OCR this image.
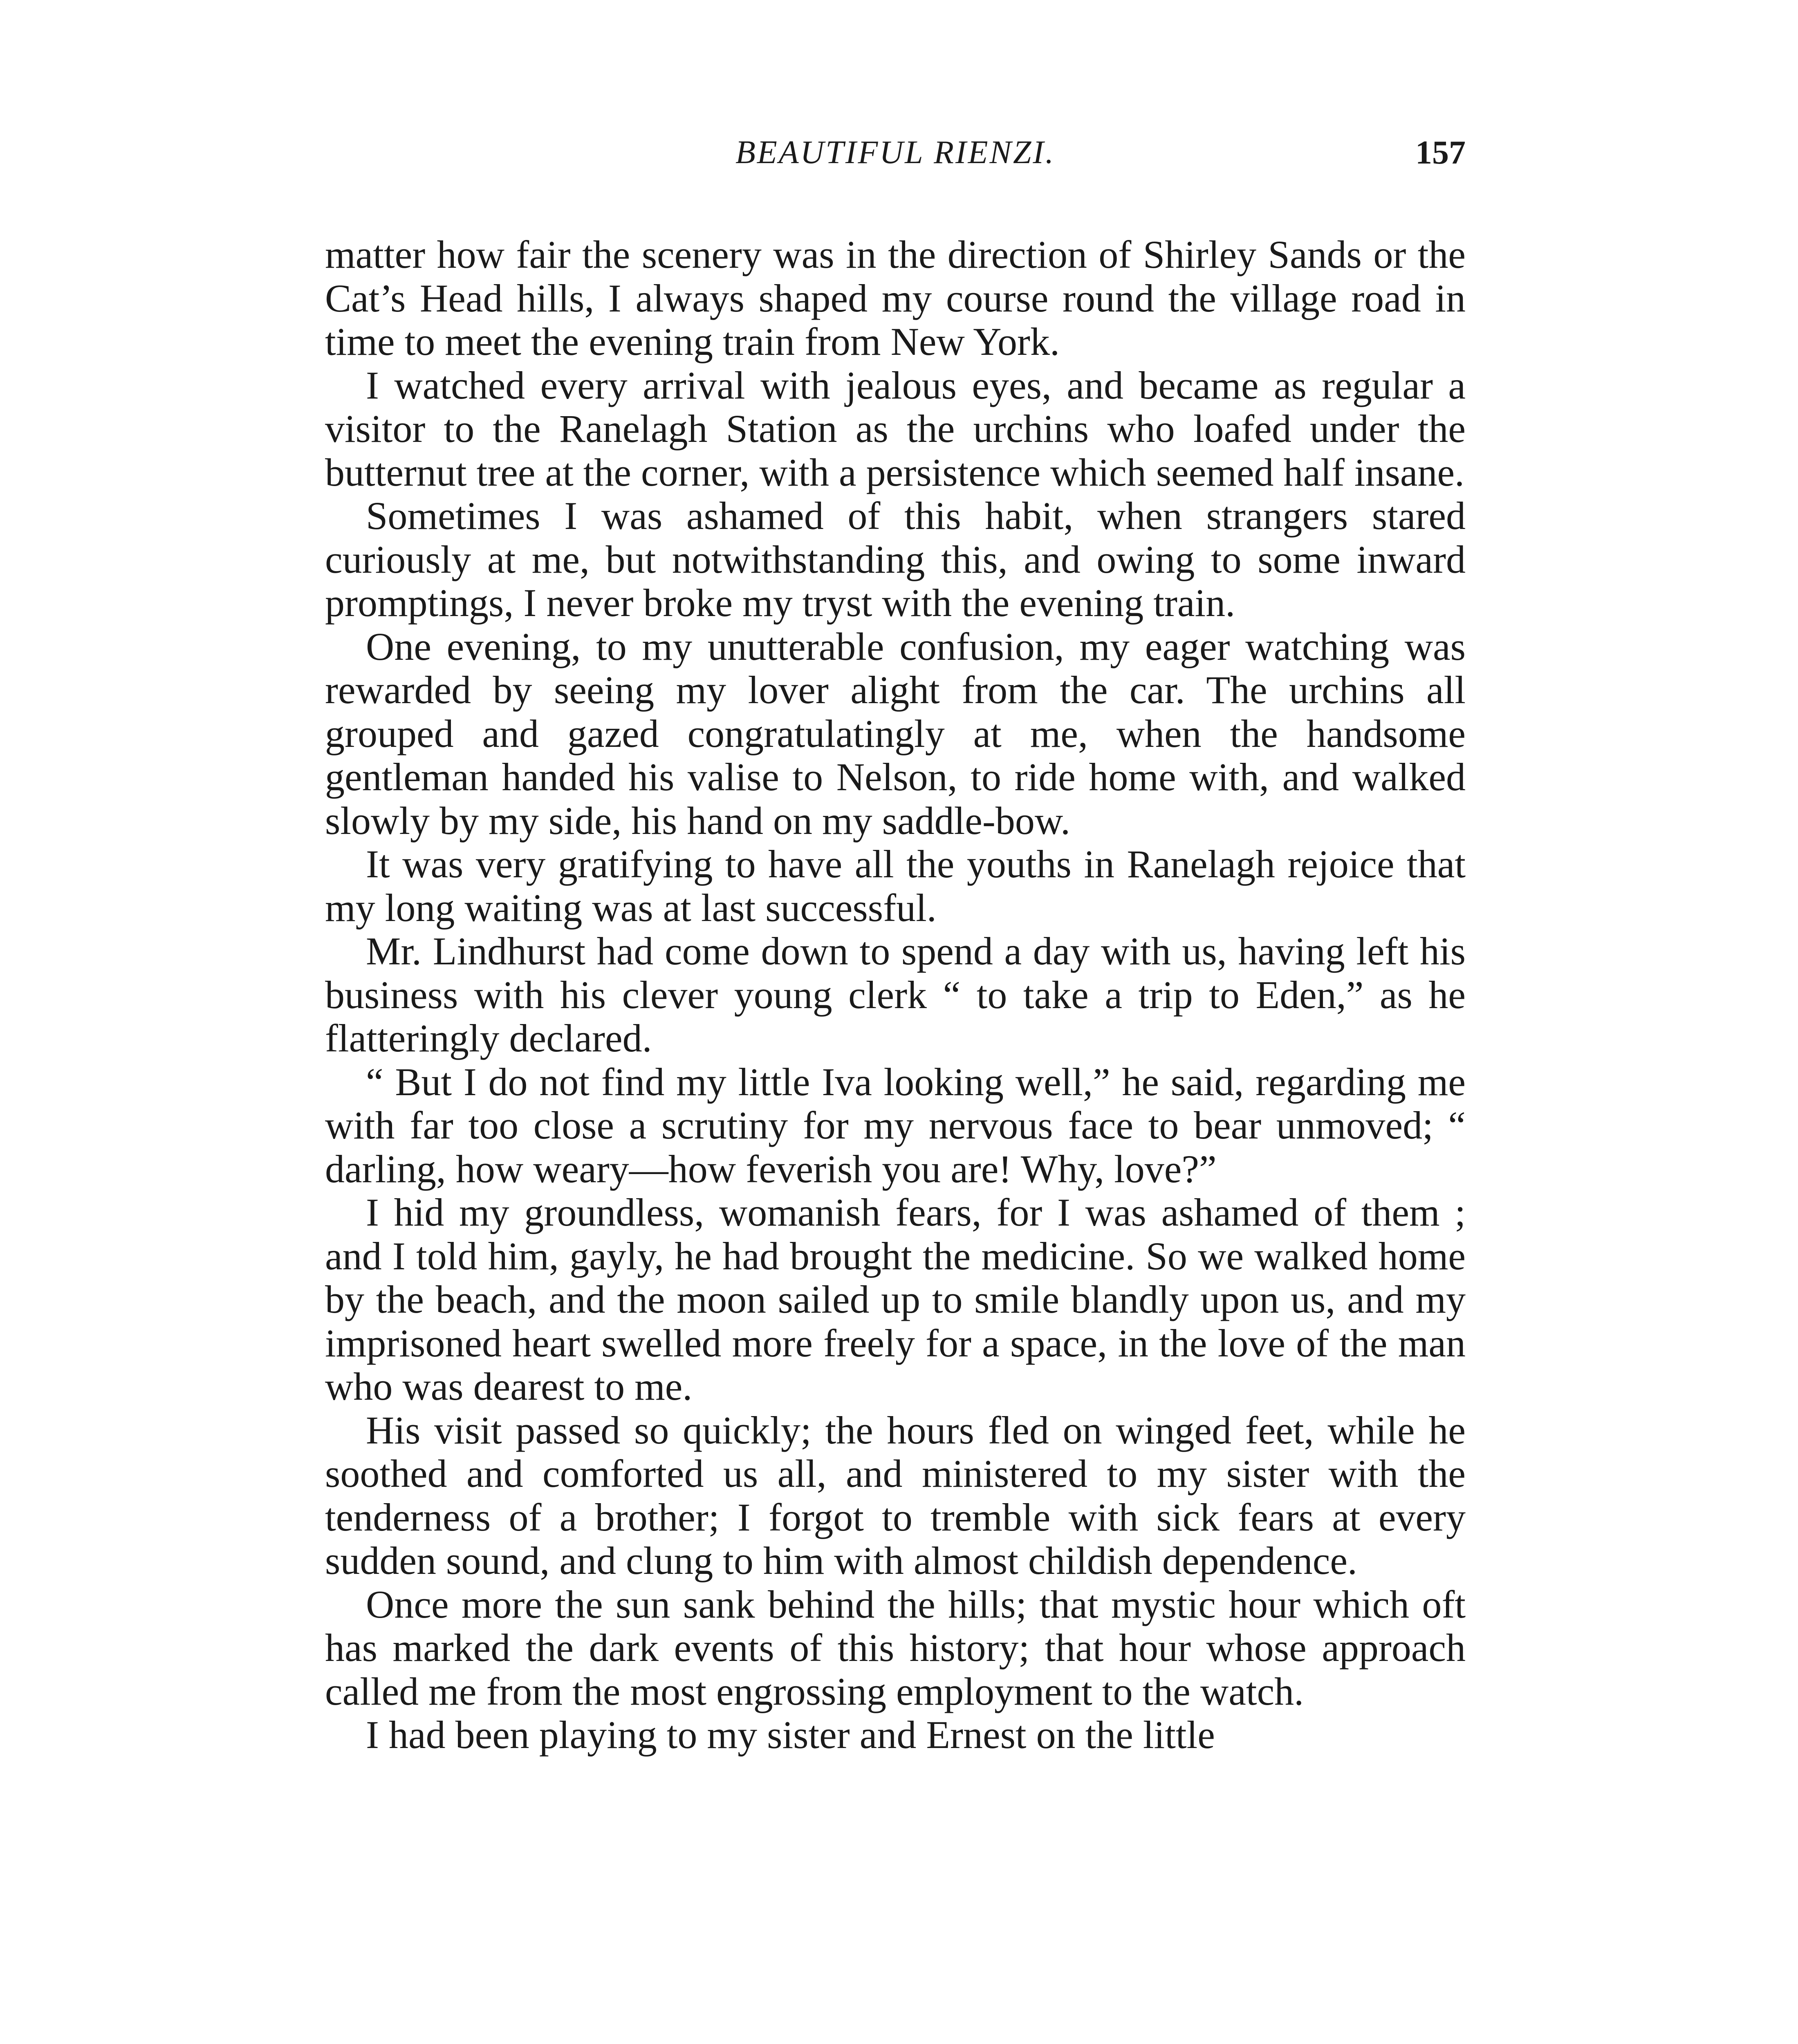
BEAUTIFUL RIENZI.	157

matter how fair the scenery was in the direction of Shirley Sands or the Cat’s Head hills, I always shaped my course round the village road in time to meet the evening train from New York.

I watched every arrival with jealous eyes, and became as regular a visitor to the Ranelagh Station as the urchins who loafed under the butternut tree at the corner, with a persistence which seemed half insane.

Sometimes I was ashamed of this habit, when strangers stared curiously at me, but notwithstanding this, and owing to some inward promptings, I never broke my tryst with the evening train.

One evening, to my unutterable confusion, my eager watching was rewarded by seeing my lover alight from the car. The urchins all grouped and gazed congratulatingly at me, when the handsome gentleman handed his valise to Nelson, to ride home with, and walked slowly by my side, his hand on my saddle-bow.

It was very gratifying to have all the youths in Ranelagh rejoice that my long waiting was at last successful.

Mr. Lindhurst had come down to spend a day with us, having left his business with his clever young clerk “ to take a trip to Eden,” as he flatteringly declared.

“ But I do not find my little Iva looking well,” he said, regarding me with far too close a scrutiny for my nervous face to bear unmoved; “ darling, how weary—how feverish you are! Why, love?”

I hid my groundless, womanish fears, for I was ashamed of them ; and I told him, gayly, he had brought the medicine. So we walked home by the beach, and the moon sailed up to smile blandly upon us, and my imprisoned heart swelled more freely for a space, in the love of the man who was dearest to me.

His visit passed so quickly; the hours fled on winged feet, while he soothed and comforted us all, and ministered to my sister with the tenderness of a brother; I forgot to tremble with sick fears at every sudden sound, and clung to him with almost childish dependence.

Once more the sun sank behind the hills; that mystic hour which oft has marked the dark events of this history; that hour whose approach called me from the most engrossing employment to the watch.

I had been playing to my sister and Ernest on the little
